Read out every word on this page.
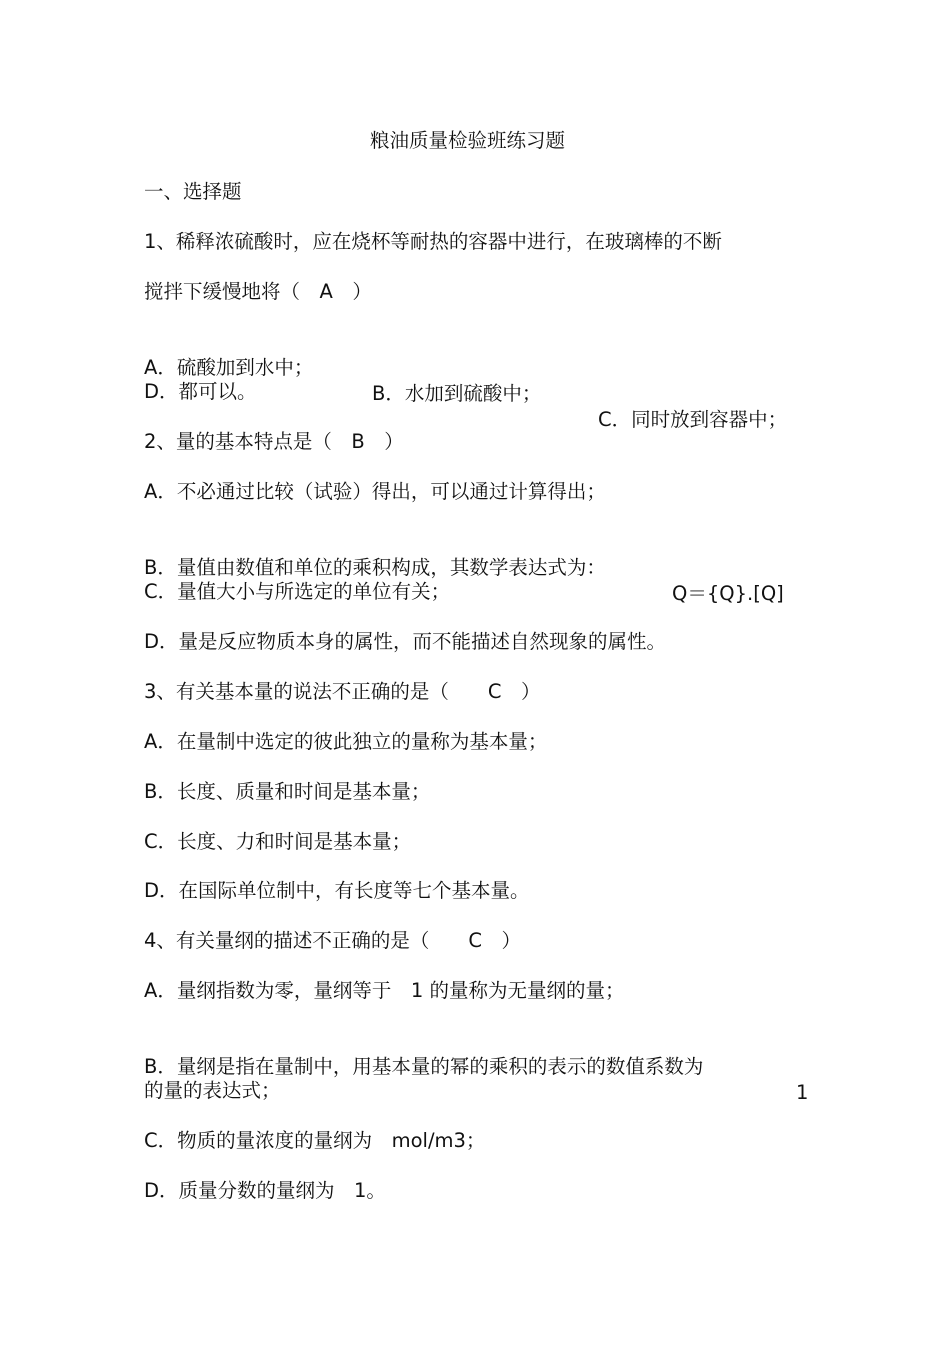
粮油质量检验班练习题
一、选择题
1、稀释浓硫酸时，应在烧杯等耐热的容器中进行，在玻璃棒的不断
搅拌下缓慢地将（　A　）

A．硫酸加到水中；

B．水加到硫酸中；

C．同时放到容器中；

D．都可以。
2、量的基本特点是（　B　）
A．不必通过比较（试验）得出，可以通过计算得出；

B．量值由数值和单位的乘积构成，其数学表达式为：

Q＝{Q}.[Q]

C．量值大小与所选定的单位有关；
D．量是反应物质本身的属性，而不能描述自然现象的属性。
3、有关基本量的说法不正确的是（　　C　）
A．在量制中选定的彼此独立的量称为基本量；
B．长度、质量和时间是基本量；
C．长度、力和时间是基本量；
D．在国际单位制中，有长度等七个基本量。
4、有关量纲的描述不正确的是（　　C　）
A．量纲指数为零，量纲等于　1 的量称为无量纲的量；

B．量纲是指在量制中，用基本量的幂的乘积的表示的数值系数为

1

的量的表达式；
C．物质的量浓度的量纲为　mol/m3；
D．质量分数的量纲为　1。
